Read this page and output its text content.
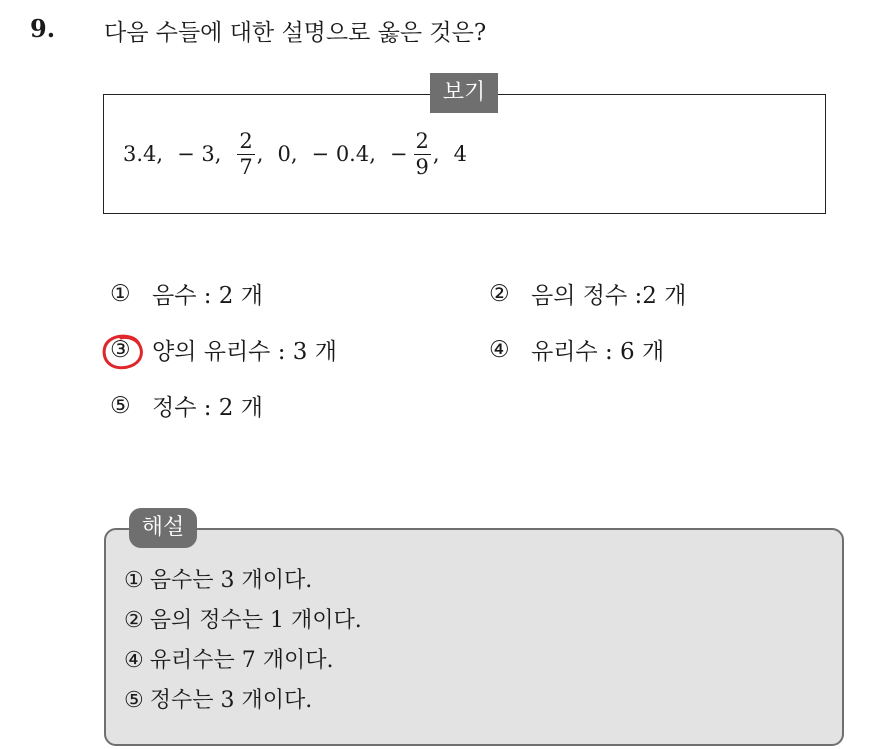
9. 다음 수들에 대한 설명으로 옳은 것은?
보기
3.4 , − 3 , $\frac{2}{7}$ , 0 , − 0.4 , − $\frac{2}{9}$ , 4
① 음수 : 2 개	② 음의 정수 :2 개
③ 양의 유리수 : 3 개	④ 유리수 : 6 개
⑤ 정수 : 2 개
해설
① 음수는 3 개이다.
② 음의 정수는 1 개이다.
④ 유리수는 7 개이다.
⑤ 정수는 3 개이다.
